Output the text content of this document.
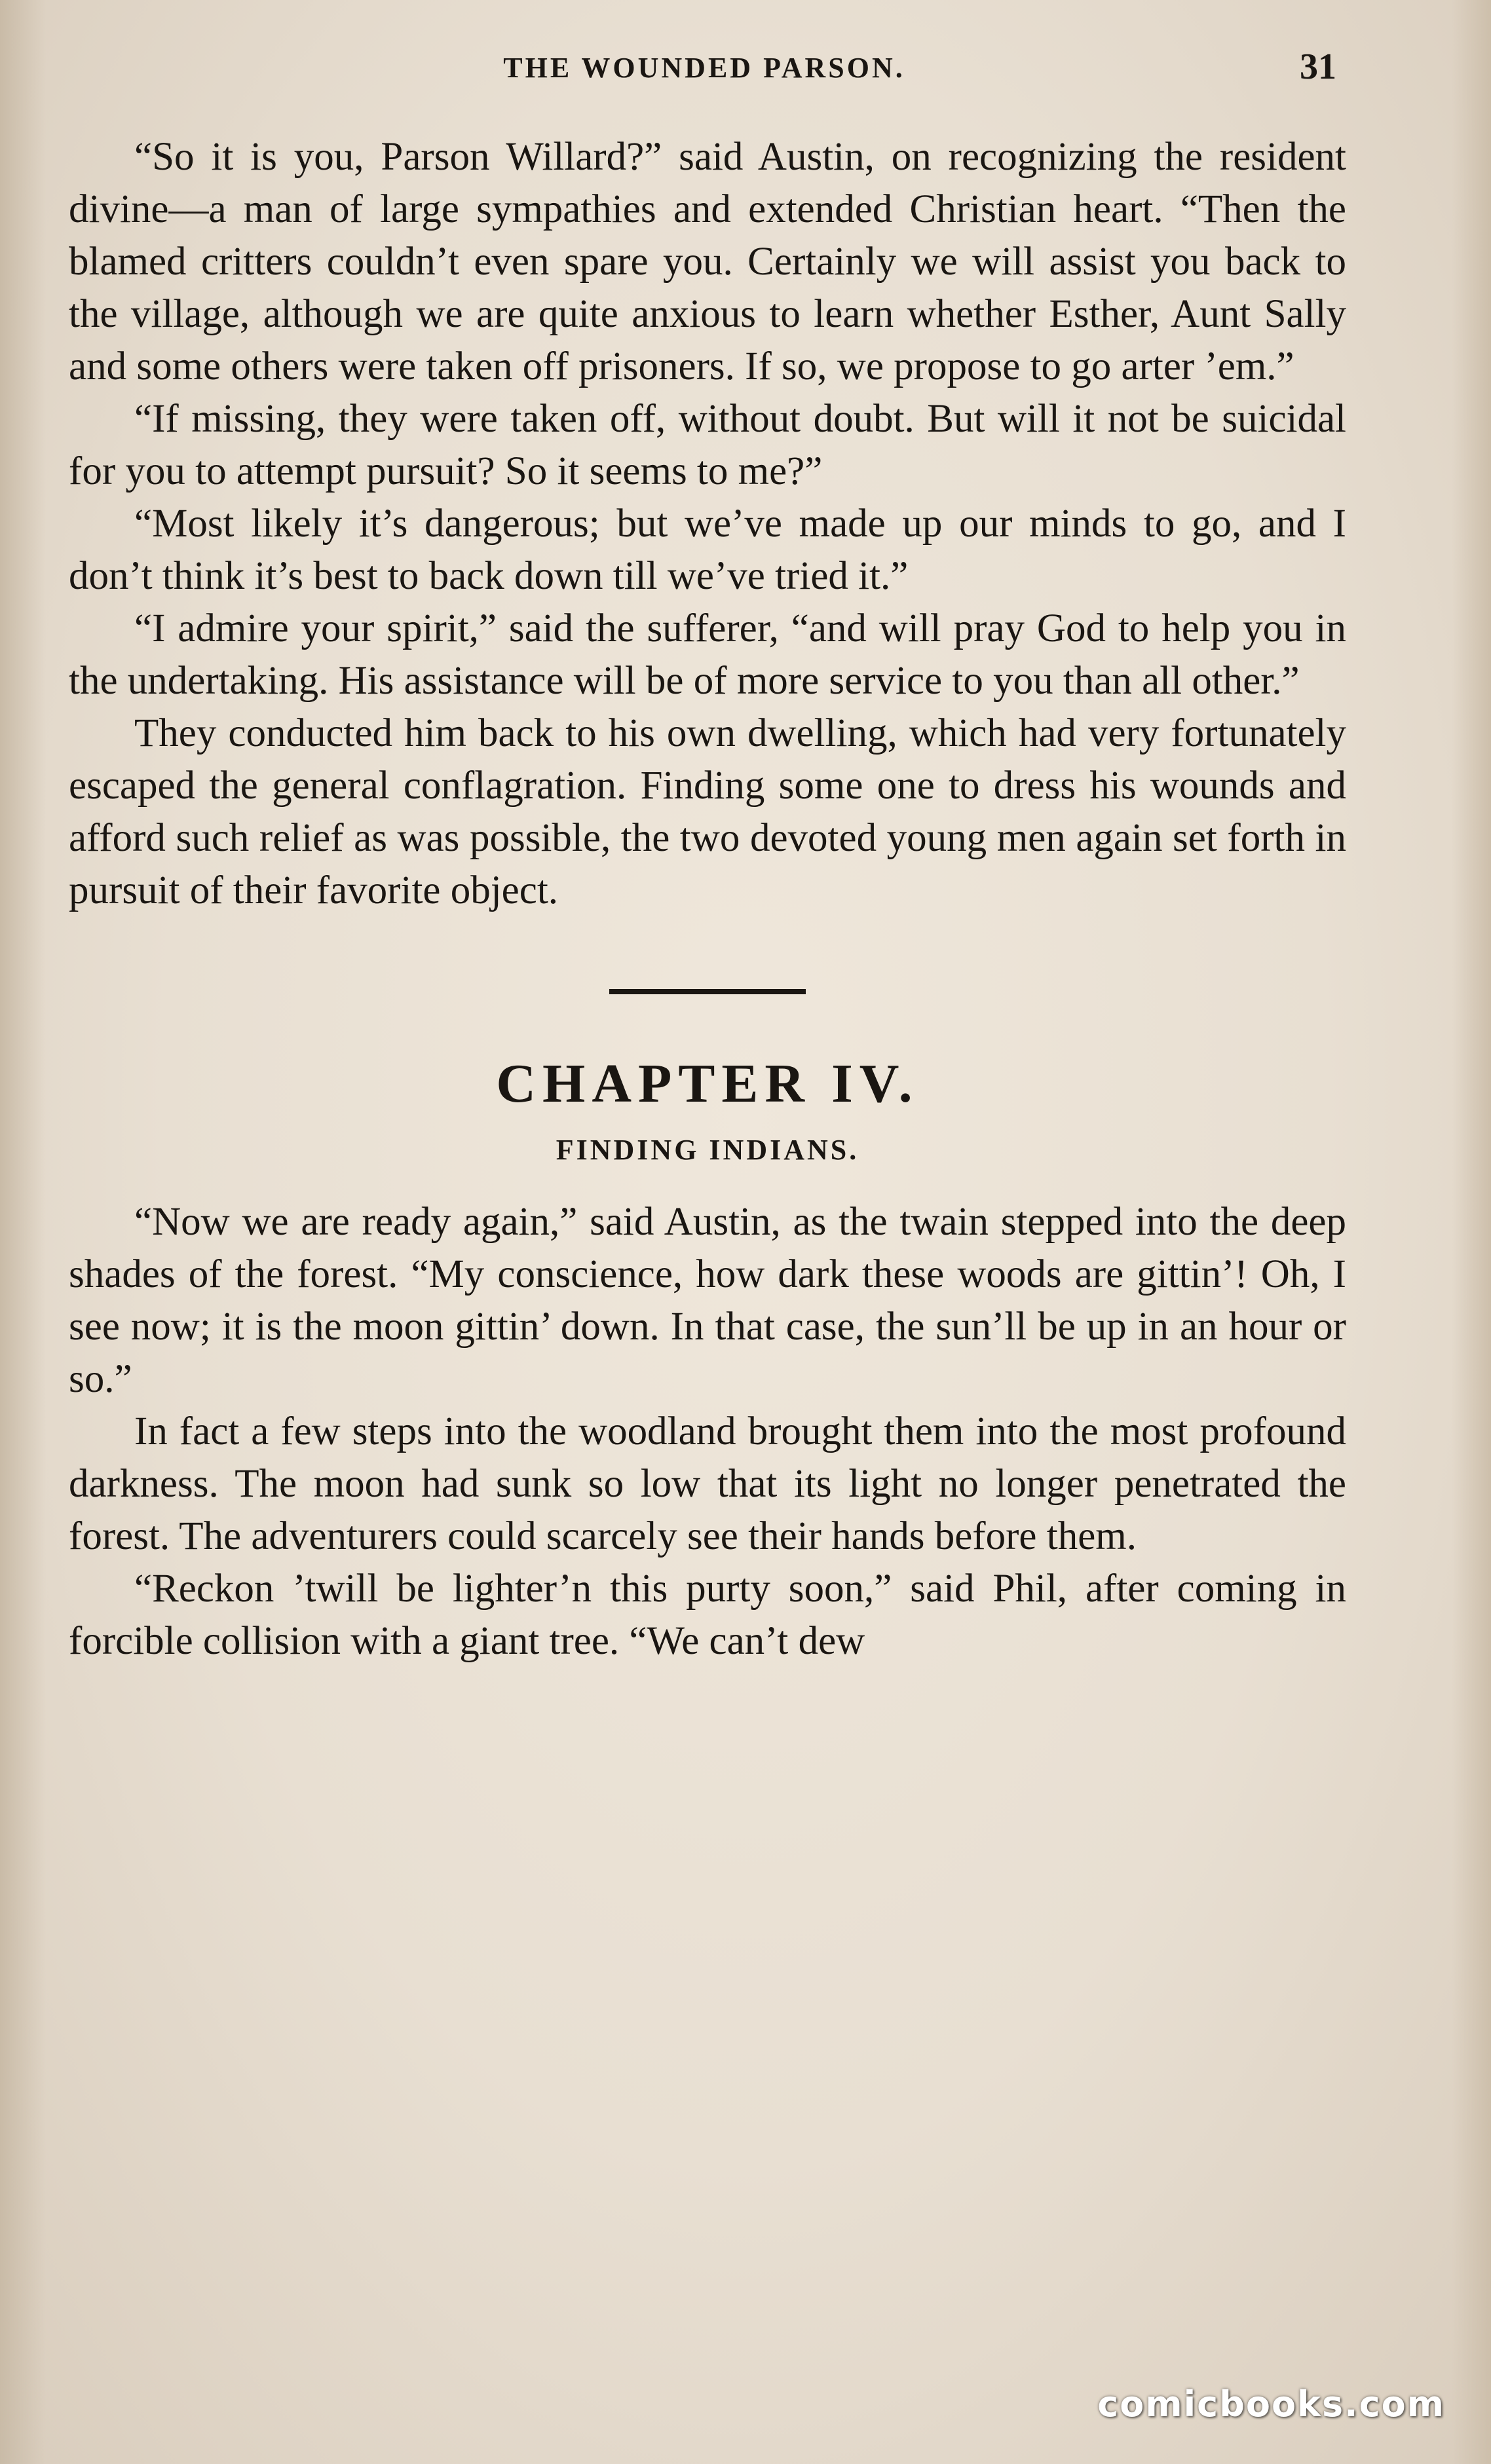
THE WOUNDED PARSON.	31

“So it is you, Parson Willard?” said Austin, on recognizing the resident divine—a man of large sympathies and extended Christian heart. “Then the blamed critters couldn’t even spare you. Certainly we will assist you back to the village, although we are quite anxious to learn whether Esther, Aunt Sally and some others were taken off prisoners. If so, we propose to go arter ’em.”

“If missing, they were taken off, without doubt. But will it not be suicidal for you to attempt pursuit? So it seems to me?”

“Most likely it’s dangerous; but we’ve made up our minds to go, and I don’t think it’s best to back down till we’ve tried it.”

“I admire your spirit,” said the sufferer, “and will pray God to help you in the undertaking. His assistance will be of more service to you than all other.”

They conducted him back to his own dwelling, which had very fortunately escaped the general conflagration. Finding some one to dress his wounds and afford such relief as was possible, the two devoted young men again set forth in pursuit of their favorite object.

CHAPTER IV.
FINDING INDIANS.

“Now we are ready again,” said Austin, as the twain stepped into the deep shades of the forest. “My conscience, how dark these woods are gittin’! Oh, I see now; it is the moon gittin’ down. In that case, the sun’ll be up in an hour or so.”

In fact a few steps into the woodland brought them into the most profound darkness. The moon had sunk so low that its light no longer penetrated the forest. The adventurers could scarcely see their hands before them.

“Reckon ’twill be lighter’n this purty soon,” said Phil, after coming in forcible collision with a giant tree. “We can’t dew

comicbooks.com
